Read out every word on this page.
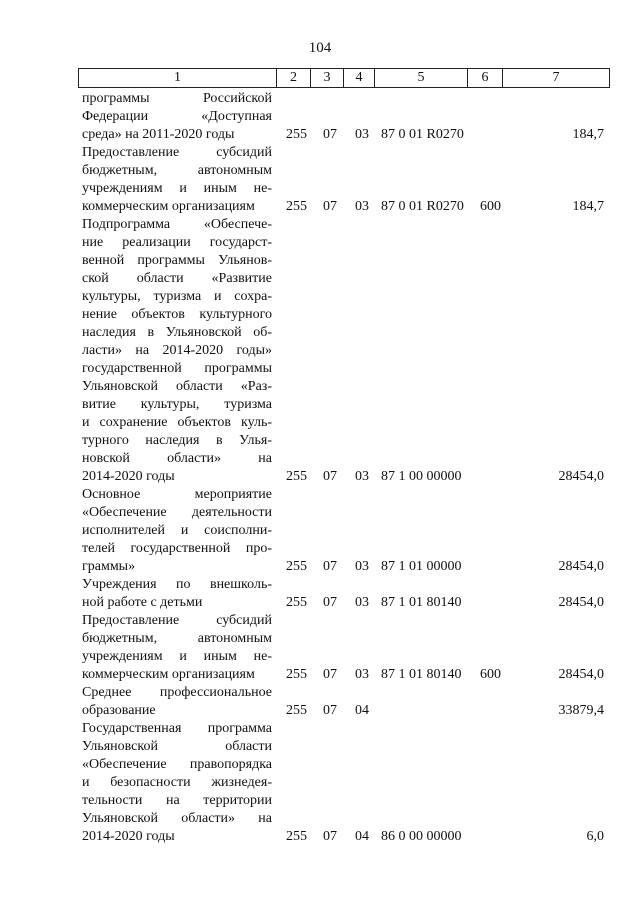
104
1	2	3	4	5	6	7
программы Российской
Федерации «Доступная
среда» на 2011-2020 годы	255 07 03 87 0 01 R0270	184,7
Предоставление субсидий
бюджетным, автономным
учреждениям и иным не-
коммерческим организациям	255 07 03 87 0 01 R0270 600	184,7
Подпрограмма «Обеспече-
ние реализации государст-
венной программы Ульянов-
ской области «Развитие
культуры, туризма и сохра-
нение объектов культурного
наследия в Ульяновской об-
ласти» на 2014-2020 годы»
государственной программы
Ульяновской области «Раз-
витие культуры, туризма
и сохранение объектов куль-
турного наследия в Улья-
новской области» на
2014-2020 годы	255 07 03 87 1 00 00000	28454,0
Основное мероприятие
«Обеспечение деятельности
исполнителей и соисполни-
телей государственной про-
граммы»	255 07 03 87 1 01 00000	28454,0
Учреждения по внешколь-
ной работе с детьми	255 07 03 87 1 01 80140	28454,0
Предоставление субсидий
бюджетным, автономным
учреждениям и иным не-
коммерческим организациям	255 07 03 87 1 01 80140 600	28454,0
Среднее профессиональное
образование	255 07 04	33879,4
Государственная программа
Ульяновской области
«Обеспечение правопорядка
и безопасности жизнедея-
тельности на территории
Ульяновской области» на
2014-2020 годы	255 07 04 86 0 00 00000	6,0
